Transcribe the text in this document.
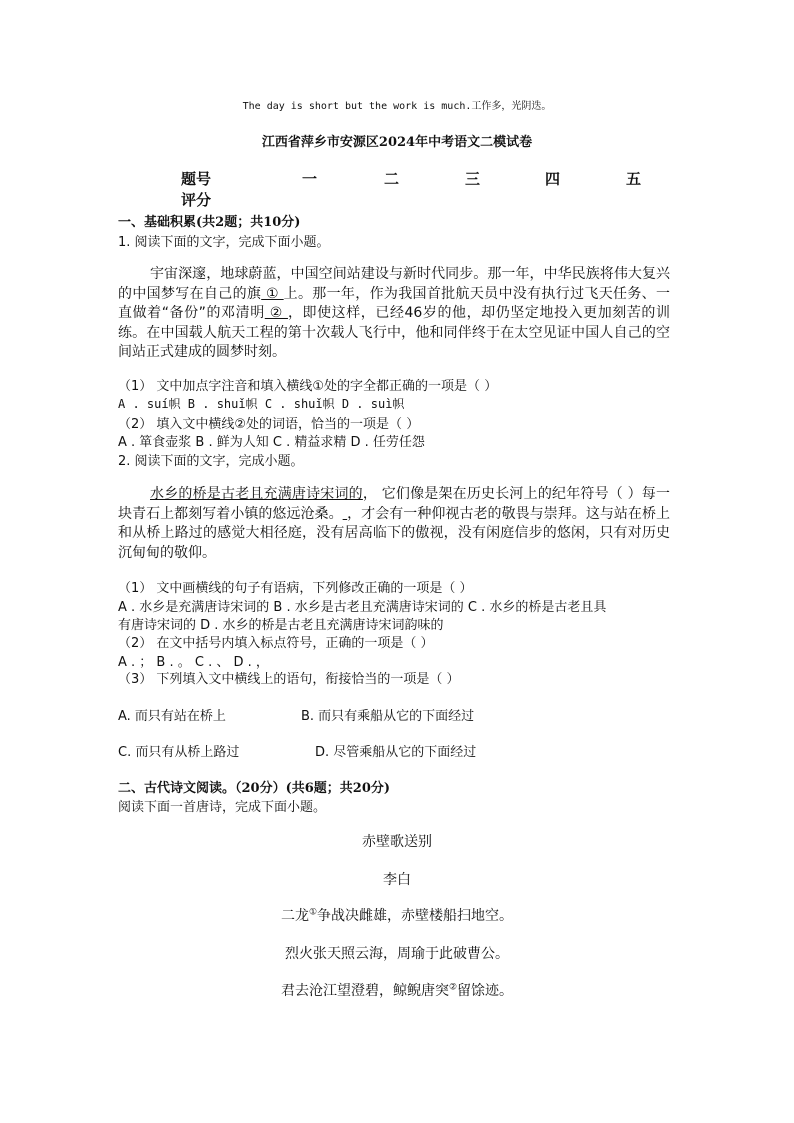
The day is short but the work is much.工作多，光阴迭。
江西省萍乡市安源区2024年中考语文二模试卷
题号	一	二	三	四	五
评分
一、基础积累(共2题；共10分)
1. 阅读下面的文字，完成下面小题。
宇宙深邃，地球蔚蓝，中国空间站建设与新时代同步。那一年，中华民族将伟大复兴的中国梦写在自己的旗 ① 上。那一年，作为我国首批航天员中没有执行过飞天任务、一直做着“备份”的邓清明 ② ，即使这样，已经46岁的他，却仍坚定地投入更加刻苦的训练。在中国载人航天工程的第十次载人飞行中，他和同伴终于在太空见证中国人自己的空间站正式建成的圆梦时刻。
（1） 文中加点字注音和填入横线①处的字全都正确的一项是（ ）
A . suí帜 B . shuǐ帜 C . shuǐ帜 D . suì帜
（2） 填入文中横线②处的词语，恰当的一项是（ ）
A . 箪食壶浆 B . 鲜为人知 C . 精益求精 D . 任劳任怨
2. 阅读下面的文字，完成小题。
水乡的桥是古老且充满唐诗宋词的， 它们像是架在历史长河上的纪年符号（ ）每一块青石上都刻写着小镇的悠远沧桑。 ，才会有一种仰视古老的敬畏与崇拜。这与站在桥上和从桥上路过的感觉大相径庭，没有居高临下的傲视，没有闲庭信步的悠闲，只有对历史沉甸甸的敬仰。
（1） 文中画横线的句子有语病，下列修改正确的一项是（ ）
A . 水乡是充满唐诗宋词的 B . 水乡是古老且充满唐诗宋词的 C . 水乡的桥是古老且具
有唐诗宋词的 D . 水乡的桥是古老且充满唐诗宋词韵味的
（2） 在文中括号内填入标点符号，正确的一项是（ ）
A . ； B . 。 C . 、 D . ，
（3） 下列填入文中横线上的语句，衔接恰当的一项是（ ）
A. 而只有站在桥上	B. 而只有乘船从它的下面经过
C. 而只有从桥上路过	D. 尽管乘船从它的下面经过
二、古代诗文阅读。（20分）(共6题；共20分)
阅读下面一首唐诗，完成下面小题。
赤壁歌送别
李白
二龙①争战决雌雄，赤壁楼船扫地空。
烈火张天照云海，周瑜于此破曹公。
君去沧江望澄碧，鲸鲵唐突②留馀迹。
